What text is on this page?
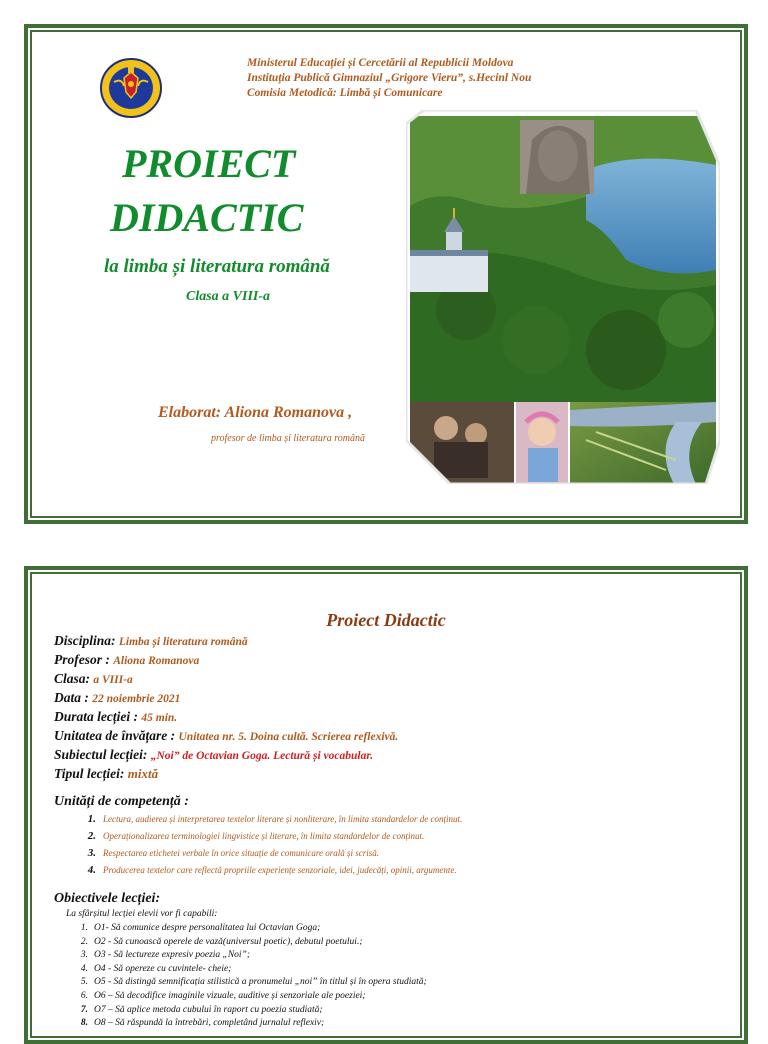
Ministerul Educației și Cercetării al Republicii Moldova
Instituția Publică Gimnaziul „Grigore Vieru”, s.Hecinl Nou
Comisia Metodică: Limbă și Comunicare
PROIECT
DIDACTIC
la limba și literatura română
Clasa a VIII-a
Elaborat: Aliona Romanova ,
profesor de limba și literatura română
Proiect Didactic
Disciplina: Limba și literatura română
Profesor : Aliona Romanova
Clasa: a VIII-a
Data : 22 noiembrie 2021
Durata lecției : 45 min.
Unitatea de învățare : Unitatea nr. 5. Doina cultă. Scrierea reflexivă.
Subiectul lecției: „Noi” de Octavian Goga. Lectură și vocabular.
Tipul lecției: mixtă
Unități de competență :
1. Lectura, audierea și interpretarea textelor literare și nonliterare, în limita standardelor de conținut.
2. Operaționalizarea terminologiei lingvistice și literare, în limita standardelor de conținut.
3. Respectarea etichetei verbale în orice situație de comunicare orală și scrisă.
4. Producerea textelor care reflectă propriile experiențe senzoriale, idei, judecăți, opinii, argumente.
Obiectivele lecției:
La sfârșitul lecției elevii vor fi capabili:
1. O1- Să comunice despre personalitatea lui Octavian Goga;
2. O2 - Să cunoască operele de vază(universul poetic), debutul poetului.;
3. O3 - Să lectureze expresiv poezia „Noi”;
4. O4 - Să opereze cu cuvintele- cheie;
5. O5 - Să distingă semnificația stilistică a pronumelui „noi” în titlul și în opera studiată;
6. O6 – Să decodifice imaginile vizuale, auditive și senzoriale ale poeziei;
7. O7 – Să aplice metoda cubului în raport cu poezia studiată;
8. O8 – Să răspundă la întrebări, completând jurnalul reflexiv;
